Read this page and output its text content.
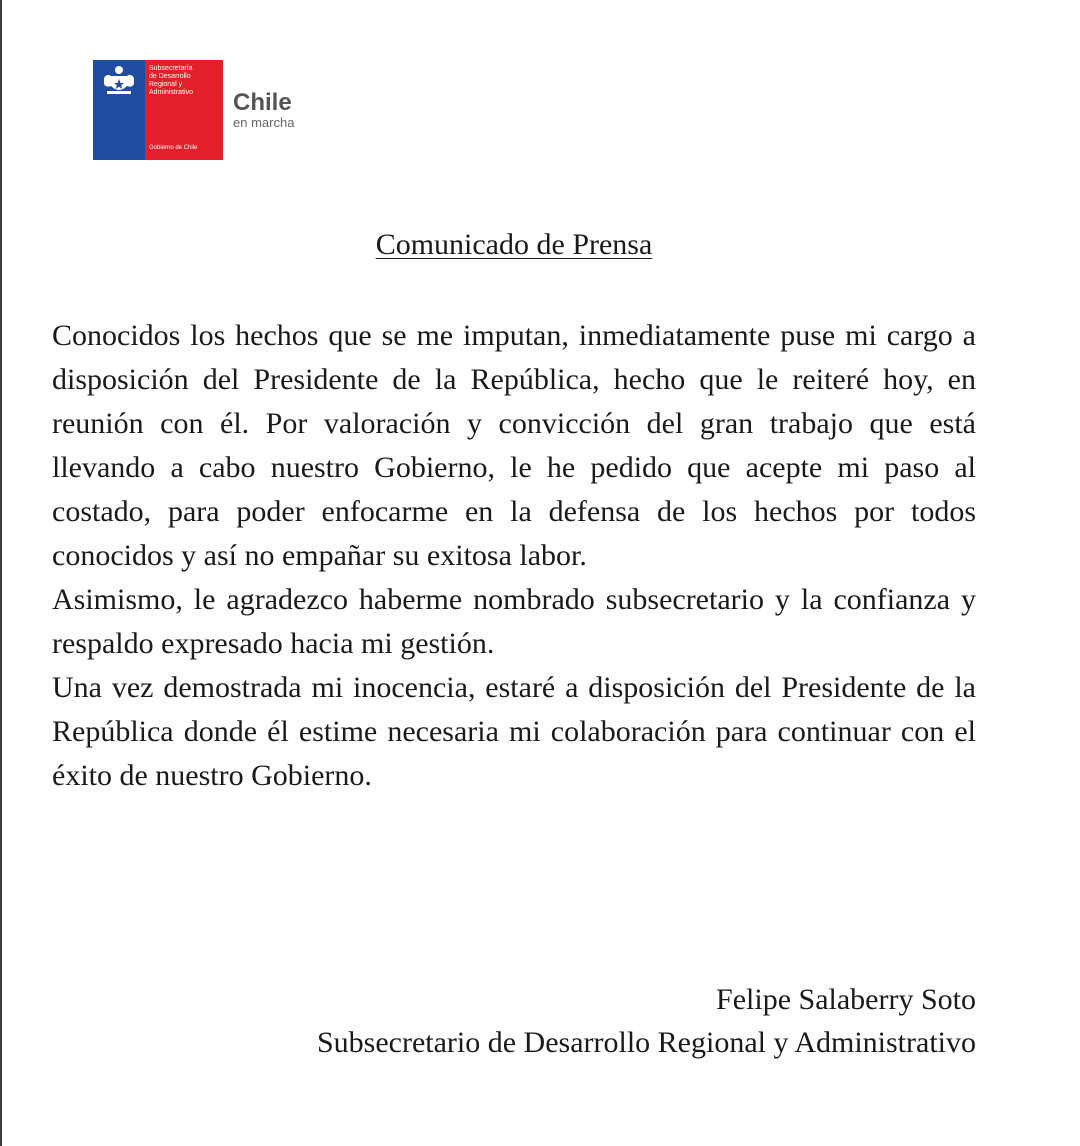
Subsecretaría
de Desarrollo
Regional y
Administrativo
Gobierno de Chile
Chile
en marcha
Comunicado de Prensa

Conocidos los hechos que se me imputan, inmediatamente puse mi cargo a disposición del Presidente de la República, hecho que le reiteré hoy, en reunión con él. Por valoración y convicción del gran trabajo que está llevando a cabo nuestro Gobierno, le he pedido que acepte mi paso al costado, para poder enfocarme en la defensa de los hechos por todos conocidos y así no empañar su exitosa labor.

Asimismo, le agradezco haberme nombrado subsecretario y la confianza y respaldo expresado hacia mi gestión.

Una vez demostrada mi inocencia, estaré a disposición del Presidente de la República donde él estime necesaria mi colaboración para continuar con el éxito de nuestro Gobierno.

Felipe Salaberry Soto
Subsecretario de Desarrollo Regional y Administrativo
